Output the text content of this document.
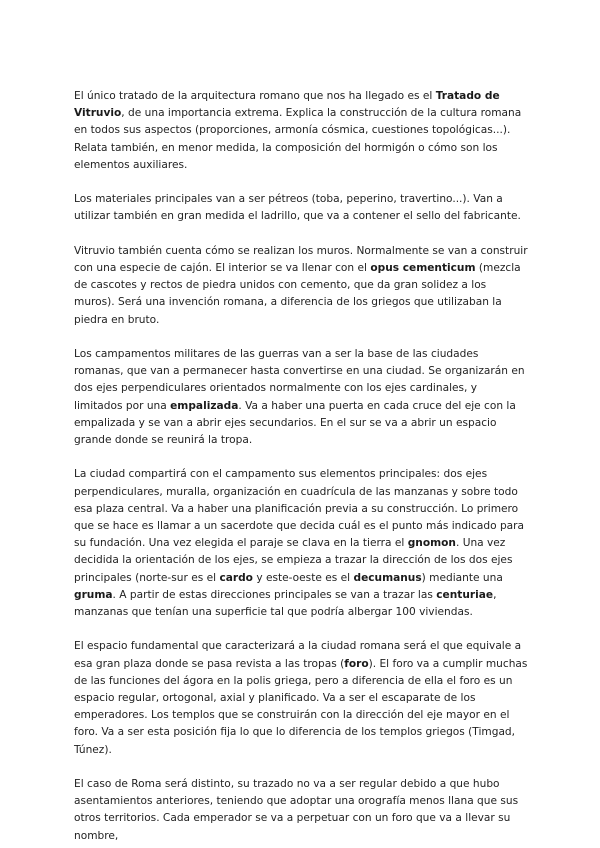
El único tratado de la arquitectura romano que nos ha llegado es el Tratado de Vitruvio, de una importancia extrema. Explica la construcción de la cultura romana en todos sus aspectos (proporciones, armonía cósmica, cuestiones topológicas...). Relata también, en menor medida, la composición del hormigón o cómo son los elementos auxiliares.

Los materiales principales van a ser pétreos (toba, peperino, travertino...). Van a utilizar también en gran medida el ladrillo, que va a contener el sello del fabricante.

Vitruvio también cuenta cómo se realizan los muros. Normalmente se van a construir con una especie de cajón. El interior se va llenar con el opus cementicum (mezcla de cascotes y rectos de piedra unidos con cemento, que da gran solidez a los muros). Será una invención romana, a diferencia de los griegos que utilizaban la piedra en bruto.

Los campamentos militares de las guerras van a ser la base de las ciudades romanas, que van a permanecer hasta convertirse en una ciudad. Se organizarán en dos ejes perpendiculares orientados normalmente con los ejes cardinales, y limitados por una empalizada. Va a haber una puerta en cada cruce del eje con la empalizada y se van a abrir ejes secundarios. En el sur se va a abrir un espacio grande donde se reunirá la tropa.

La ciudad compartirá con el campamento sus elementos principales: dos ejes perpendiculares, muralla, organización en cuadrícula de las manzanas y sobre todo esa plaza central. Va a haber una planificación previa a su construcción. Lo primero que se hace es llamar a un sacerdote que decida cuál es el punto más indicado para su fundación. Una vez elegida el paraje se clava en la tierra el gnomon. Una vez decidida la orientación de los ejes, se empieza a trazar la dirección de los dos ejes principales (norte-sur es el cardo y este-oeste es el decumanus) mediante una gruma. A partir de estas direcciones principales se van a trazar las centuriae, manzanas que tenían una superficie tal que podría albergar 100 viviendas.

El espacio fundamental que caracterizará a la ciudad romana será el que equivale a esa gran plaza donde se pasa revista a las tropas (foro). El foro va a cumplir muchas de las funciones del ágora en la polis griega, pero a diferencia de ella el foro es un espacio regular, ortogonal, axial y planificado. Va a ser el escaparate de los emperadores. Los templos que se construirán con la dirección del eje mayor en el foro. Va a ser esta posición fija lo que lo diferencia de los templos griegos (Timgad, Túnez).

El caso de Roma será distinto, su trazado no va a ser regular debido a que hubo asentamientos anteriores, teniendo que adoptar una orografía menos llana que sus otros territorios. Cada emperador se va a perpetuar con un foro que va a llevar su nombre,
